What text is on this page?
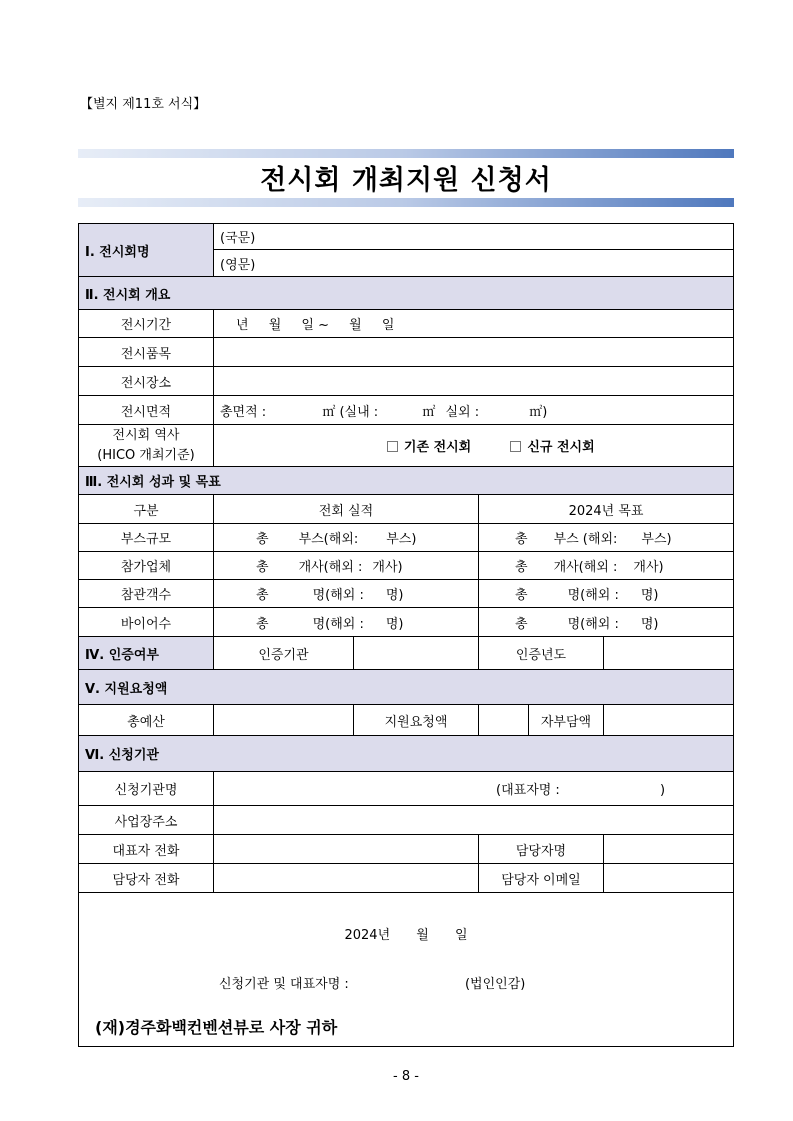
【별지 제11호 서식】
전시회 개최지원 신청서
Ⅰ. 전시회명	(국문)				
	(영문)				
Ⅱ. 전시회 개요					
전시기간	년 월 일 ~ 월 일				
전시품목					
전시장소					
전시면적	총면적 : ㎡ (실내 : ㎡ 실외 : ㎡)				

전시회 역사
(HICO 개최기준)	기존 전시회 신규 전시회				
Ⅲ. 전시회 성과 및 목표					
구분	전회 실적		2024년 목표		
부스규모	총 부스(해외: 부스)		총 부스 (해외: 부스)		
참가업체	총 개사(해외 : 개사)		총 개사(해외 : 개사)		
참관객수	총 명(해외 : 명)		총 명(해외 : 명)		
바이어수	총 명(해외 : 명)		총 명(해외 : 명)		
Ⅳ. 인증여부	인증기관		인증년도		
Ⅴ. 지원요청액					
총예산		지원요청액		자부담액	
Ⅵ. 신청기관					
신청기관명	(대표자명 : )				
사업장주소					
대표자 전화			담당자명		
담당자 전화			담당자 이메일		

2024년 월 일
신청기관 및 대표자명 : (법인인감)
(재)경주화백컨벤션뷰로 사장 귀하					
- 8 -
